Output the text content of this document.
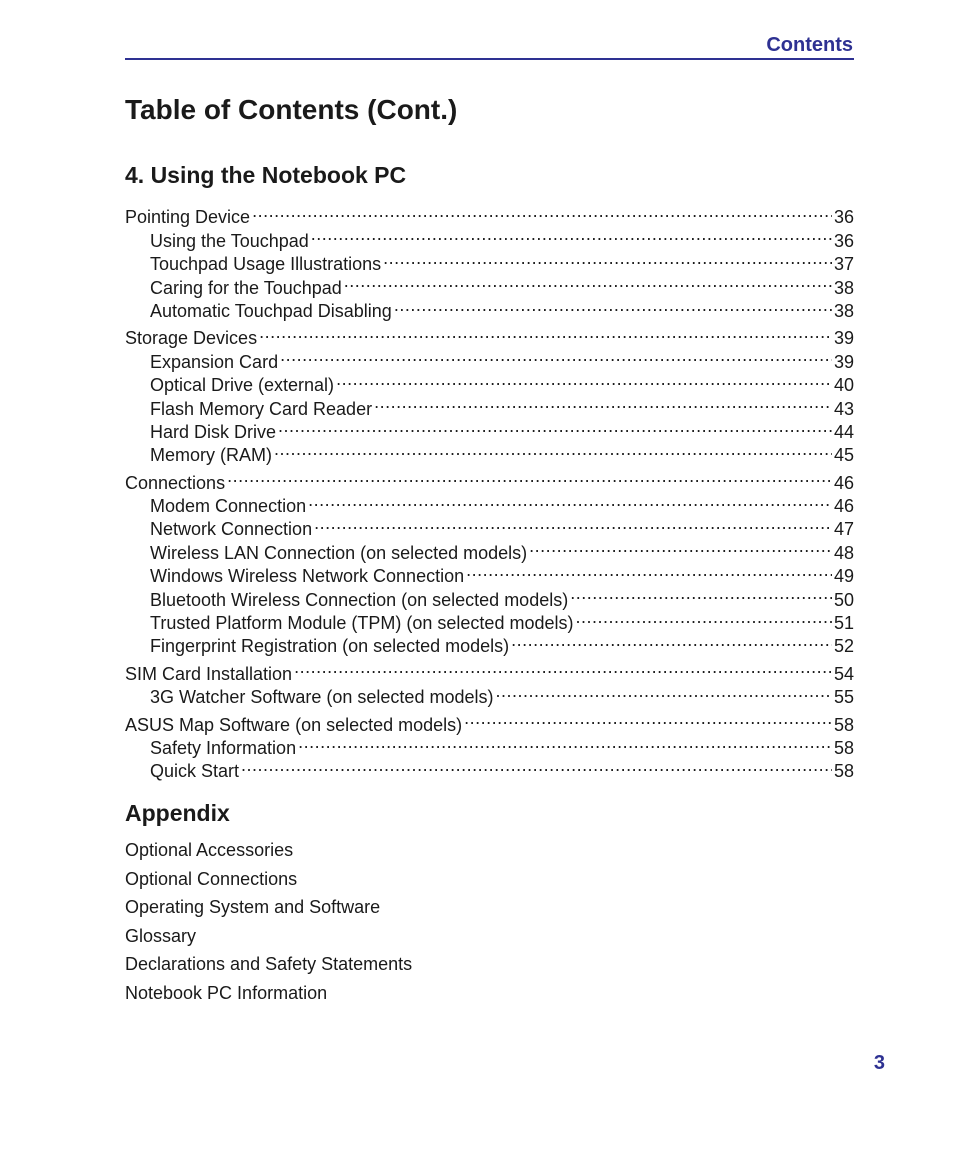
Contents
Table of Contents (Cont.)
4. Using the Notebook PC
Pointing Device .....	36
Using the Touchpad .....	36
Touchpad Usage Illustrations .....	37
Caring for the Touchpad .....	38
Automatic Touchpad Disabling .....	38
Storage Devices .....	39
Expansion Card .....	39
Optical Drive (external) .....	40
Flash Memory Card Reader .....	43
Hard Disk Drive .....	44
Memory (RAM) .....	45
Connections .....	46
Modem Connection .....	46
Network Connection .....	47
Wireless LAN Connection (on selected models) .....	48
Windows Wireless Network Connection .....	49
Bluetooth Wireless Connection (on selected models) .....	50
Trusted Platform Module (TPM) (on selected models) .....	51
Fingerprint Registration (on selected models) .....	52
SIM Card Installation .....	54
3G Watcher Software (on selected models) .....	55
ASUS Map Software (on selected models) .....	58
Safety Information .....	58
Quick Start .....	58
Appendix
Optional Accessories
Optional Connections
Operating System and Software
Glossary
Declarations and Safety Statements
Notebook PC Information
3
